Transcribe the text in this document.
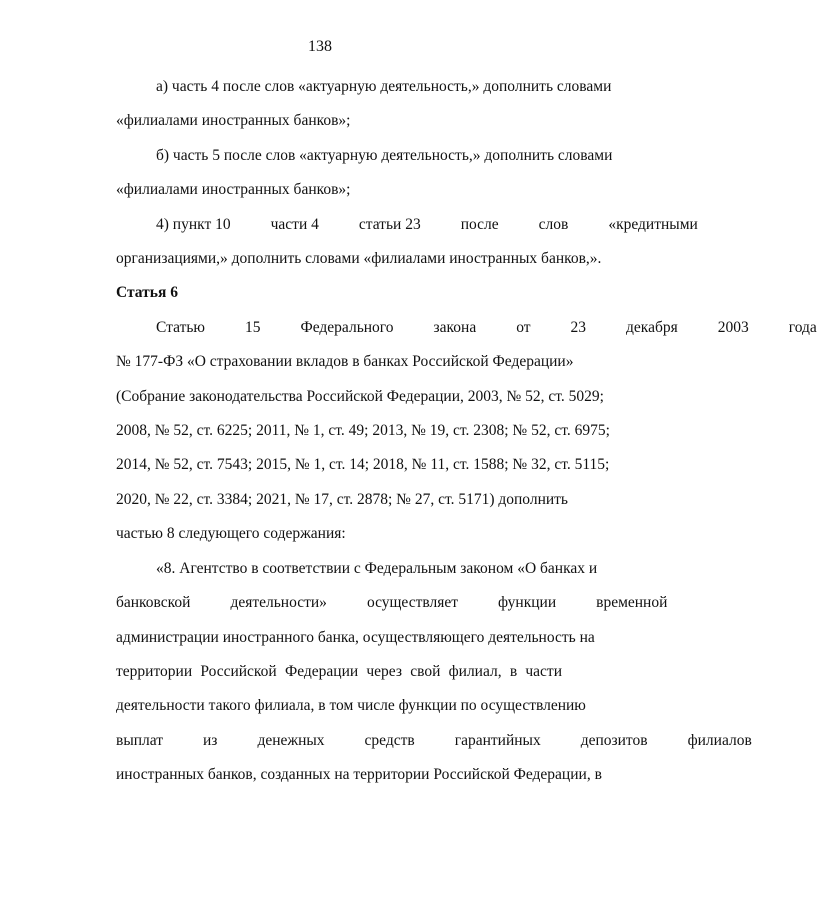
138
а) часть 4 после слов «актуарную деятельность,» дополнить словами
«филиалами иностранных банков»;
б) часть 5 после слов «актуарную деятельность,» дополнить словами
«филиалами иностранных банков»;
4) пункт 10	части 4	статьи 23	после	слов	«кредитными
организациями,» дополнить словами «филиалами иностранных банков,».
Статья 6
Статью	15	Федерального	закона	от	23	декабря	2003	года
№ 177-ФЗ «О страховании вкладов в банках Российской Федерации»
(Собрание законодательства Российской Федерации, 2003, № 52, ст. 5029;
2008, № 52, ст. 6225; 2011, № 1, ст. 49; 2013, № 19, ст. 2308; № 52, ст. 6975;
2014, № 52, ст. 7543; 2015, № 1, ст. 14; 2018, № 11, ст. 1588; № 32, ст. 5115;
2020, № 22, ст. 3384; 2021, № 17, ст. 2878; № 27, ст. 5171) дополнить
частью 8 следующего содержания:
«8. Агентство в соответствии с Федеральным законом «О банках и
банковской	деятельности»	осуществляет	функции	временной
администрации иностранного банка, осуществляющего деятельность на
территории Российской Федерации через свой филиал, в части
деятельности такого филиала, в том числе функции по осуществлению
выплат	из	денежных	средств	гарантийных	депозитов	филиалов
иностранных банков, созданных на территории Российской Федерации, в
